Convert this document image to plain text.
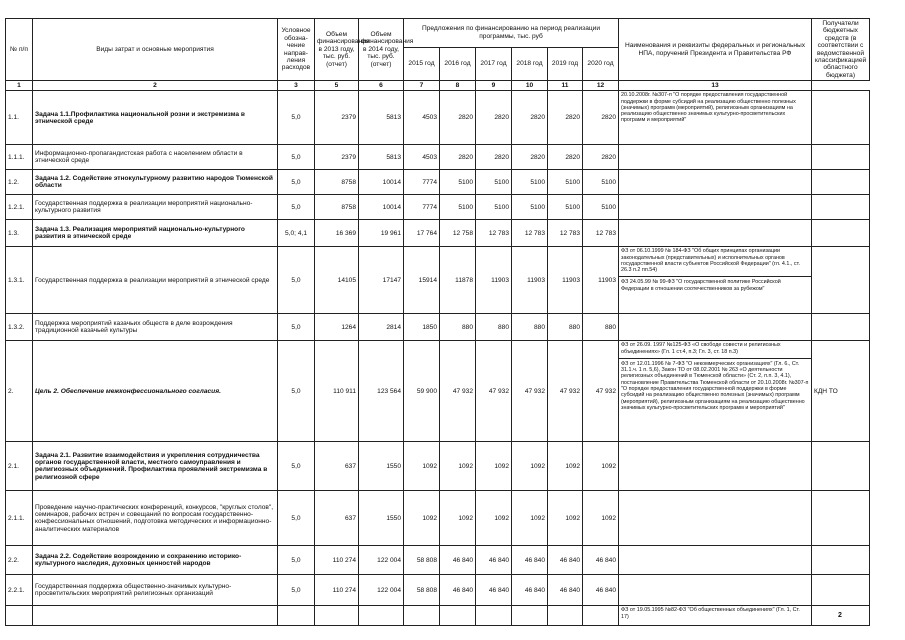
№ п/п	Виды затрат и основные мероприятия	Условное обозна-чение направ-ления расходов	Объем финансирования в 2013 году, тыс. руб. (отчет)	Объем финансирования в 2014 году, тыс. руб.(отчет)	Предложения по финансированию на период реализации программы, тыс. руб						Наименования и реквизиты федеральных и региональных НПА, поручений Президента и Правительства РФ	Получатели бюджетных средств (в соответствии с ведомственной классификацией областного бюджета)
					2015 год	2016 год	2017 год	2018 год	2019 год	2020 год		
1	2	3	5	6	7	8	9	10	11	12	13	
1.1.	Задача 1.1.Профилактика национальной розни и экстремизма в этнической среде	5,0	2379	5813	4503	2820	2820	2820	2820	2820	20.10.2008г. №307-п "О порядке предоставления государственной поддержки в форме субсидий на реализацию общественно полезных (значимых) программ (мероприятий), религиозным организациям на реализацию общественно значимых культурно-просветительских программ и мероприятий"	

1.1.1.	Информационно-пропагандистская работа с населением области в этнической среде	5,0	2379	5813	4503	2820	2820	2820	2820	2820		
1.2.	Задача 1.2. Содействие этнокультурному развитию народов Тюменской области	5,0	8758	10014	7774	5100	5100	5100	5100	5100		
1.2.1.	Государственная поддержка в реализации мероприятий национально-культурного развития	5,0	8758	10014	7774	5100	5100	5100	5100	5100		
1.3.	Задача 1.3. Реализация мероприятий национально-культурного развития в этнической среде	5,0; 4,1	16 369	19 961	17 764	12 758	12 783	12 783	12 783	12 783		
1.3.1.	Государственная поддержка в реализации мероприятий в этнической среде	5,0	14105	17147	15914	11878	11903	11903	11903	11903	ФЗ от 06.10.1999 № 184-ФЗ "Об общих принципах организации законодательных (представительных) и исполнительных органов государственной власти субъектов Российской Федерации" (гл. 4.1., ст. 26.3 п.2 пп.54)
ФЗ 24.05.99 № 99-ФЗ "О государственной политике Российской Федерации в отношении соотечественников за рубежом"	

1.3.2.	Поддержка мероприятий казачьих обществ в деле возрождения традиционной казачьей культуры	5,0	1264	2814	1850	880	880	880	880	880		
2.	Цель 2. Обеспечение межконфессионального согласия.	5,0	110 911	123 564	59 900	47 932	47 932	47 932	47 932	47 932	ФЗ от 26.09. 1997 №125-ФЗ «О свободе совести и религиозных объединениях» (Гл. 1 ст.4, п.3; Гл. 3, ст. 18 п.3)
ФЗ от 12.01.1996 № 7-ФЗ "О некоммерческих организациях" (Гл. 6., Ст. 31.1.ч. 1 п. 5,6), Закон ТО от 08.02.2001 № 263 «О деятельности религиозных объединений в Тюменской области» (Ст. 2, п.п. 3, 4.1), постановление Правительства Тюменской области от 20.10.2008г. №307-п "О порядке предоставления государственной поддержки в форме субсидий на реализацию общественно полезных (значимых) программ (мероприятий), религиозным организациям на реализацию общественно значимых культурно-просветительских программ и мероприятий"	КДН ТО
2.1.	Задача 2.1. Развитие взаимодействия и укрепления сотрудничества органов государственной власти, местного самоуправления и религиозных объединений. Профилактика проявлений экстремизма в религиозной сфере	5,0	637	1550	1092	1092	1092	1092	1092	1092		
2.1.1.	Проведение научно-практических конференций, конкурсов, "круглых столов", семинаров, рабочих встреч и совещаний по вопросам государственно-конфессиональных отношений, подготовка методических и информационно-аналитических материалов	5,0	637	1550	1092	1092	1092	1092	1092	1092		
2.2.	Задача 2.2. Содействие возрождению и сохранению историко-культурного наследия, духовных ценностей народов	5,0	110 274	122 004	58 808	46 840	46 840	46 840	46 840	46 840		
2.2.1.	Государственная поддержка общественно-значимых культурно-просветительских мероприятий религиозных организаций	5,0	110 274	122 004	58 808	46 840	46 840	46 840	46 840	46 840		

											ФЗ от 19.05.1995 №82-ФЗ "Об общественных объединениях" (Гл. 1, Ст. 17)	
		2
